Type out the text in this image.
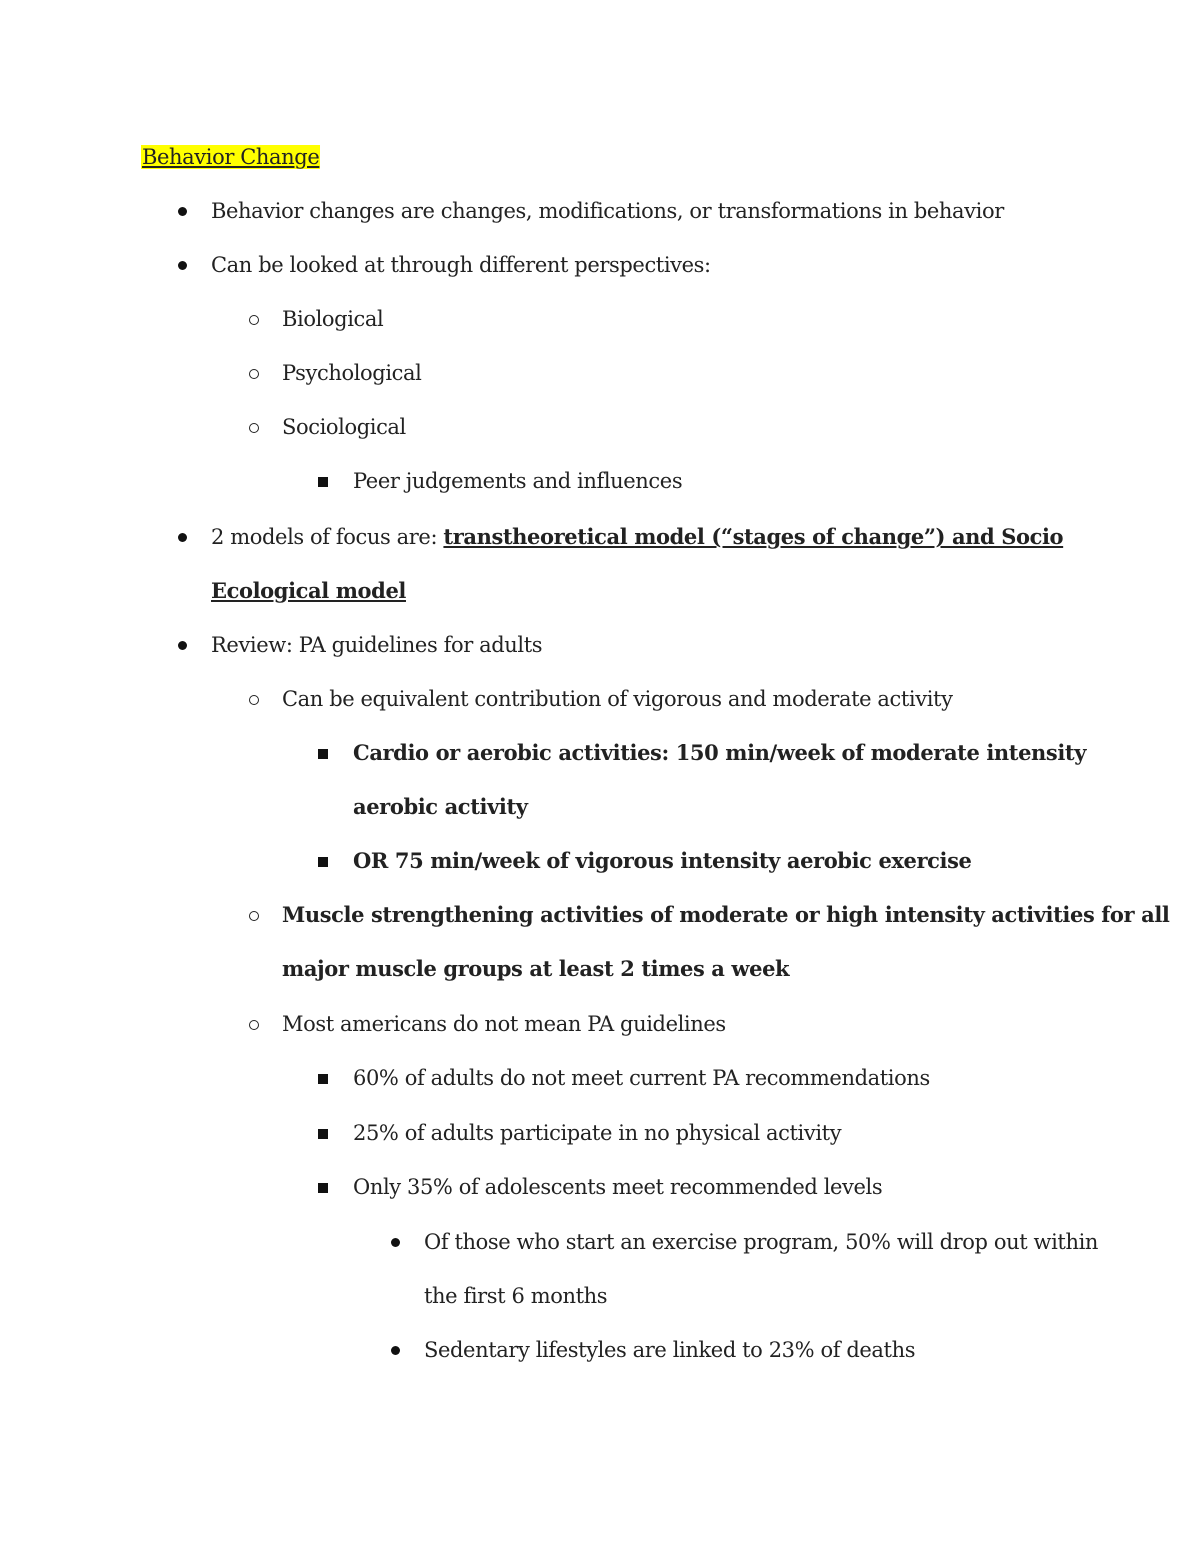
Behavior Change
Behavior changes are changes, modifications, or transformations in behavior
Can be looked at through different perspectives:
Biological
Psychological
Sociological
Peer judgements and influences
2 models of focus are: transtheoretical model (“stages of change”) and Socio
Ecological model
Review: PA guidelines for adults
Can be equivalent contribution of vigorous and moderate activity
Cardio or aerobic activities: 150 min/week of moderate intensity
aerobic activity
OR 75 min/week of vigorous intensity aerobic exercise
Muscle strengthening activities of moderate or high intensity activities for all
major muscle groups at least 2 times a week
Most americans do not mean PA guidelines
60% of adults do not meet current PA recommendations
25% of adults participate in no physical activity
Only 35% of adolescents meet recommended levels
Of those who start an exercise program, 50% will drop out within
the first 6 months
Sedentary lifestyles are linked to 23% of deaths
